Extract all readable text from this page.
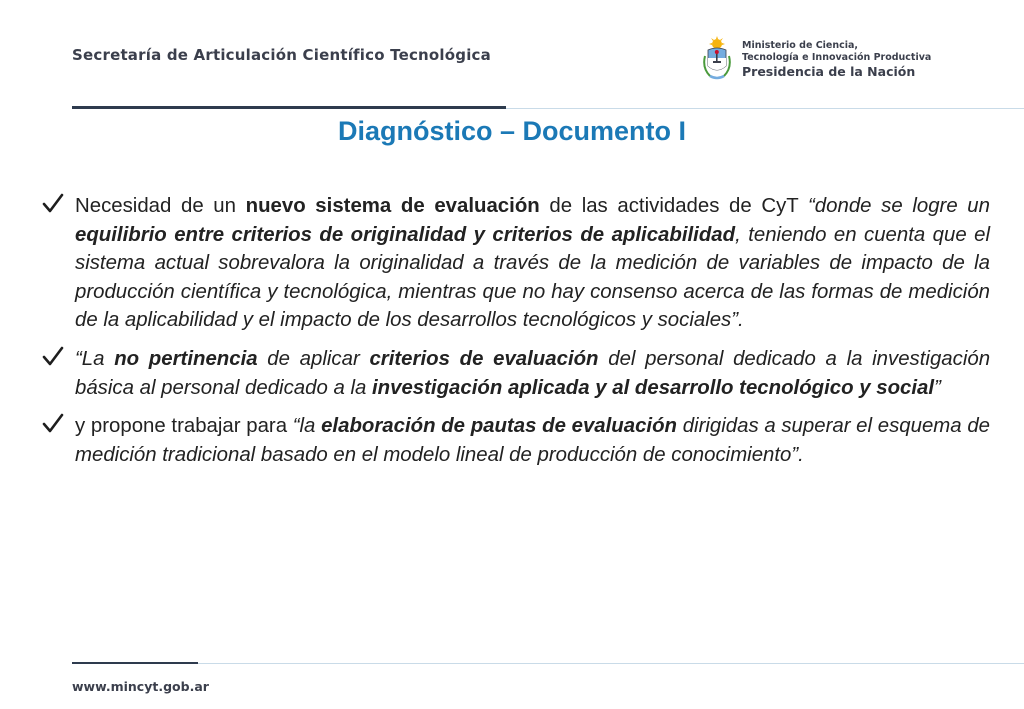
Secretaría de Articulación Científico Tecnológica
Ministerio de Ciencia,
Tecnología e Innovación Productiva
Presidencia de la Nación
Diagnóstico – Documento I

Necesidad de un nuevo sistema de evaluación de las actividades de CyT “donde se logre un equilibrio entre criterios de originalidad y criterios de aplicabilidad, teniendo en cuenta que el sistema actual sobrevalora la originalidad a través de la medición de variables de impacto de la producción científica y tecnológica, mientras que no hay consenso acerca de las formas de medición de la aplicabilidad y el impacto de los desarrollos tecnológicos y sociales”.

“La no pertinencia de aplicar criterios de evaluación del personal dedicado a la investigación básica al personal dedicado a la investigación aplicada y al desarrollo tecnológico y social”

y propone trabajar para “la elaboración de pautas de evaluación dirigidas a superar el esquema de medición tradicional basado en el modelo lineal de producción de conocimiento”.

www.mincyt.gob.ar
